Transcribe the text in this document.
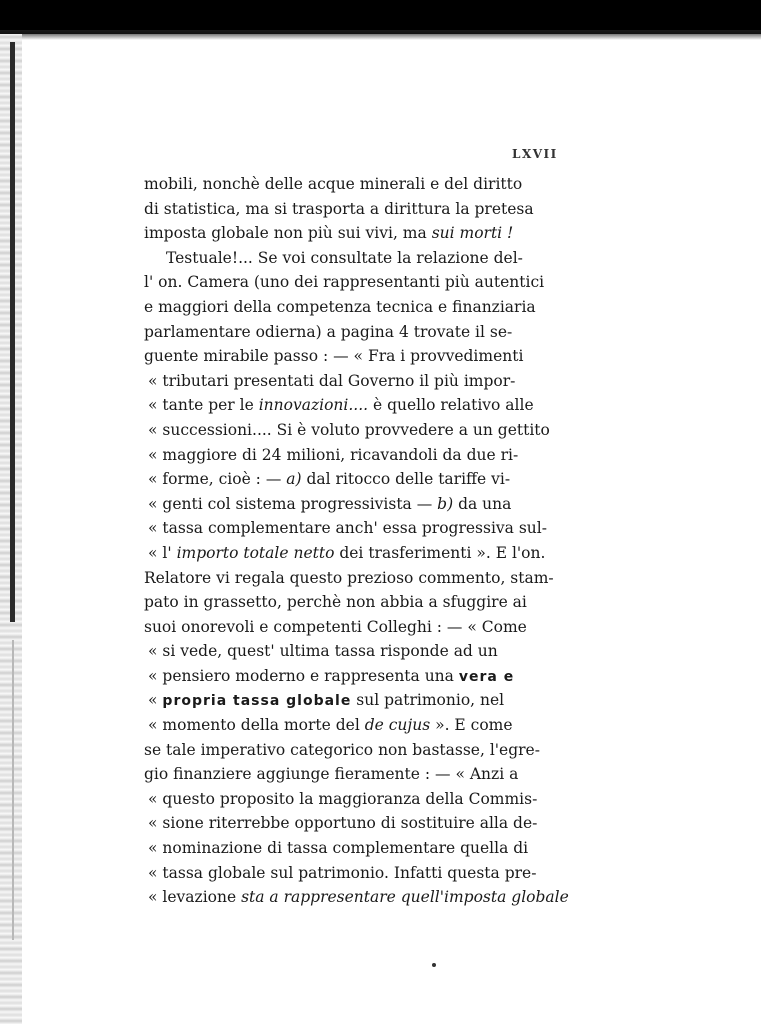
LXVII
mobili, nonchè delle acque minerali e del diritto
di statistica, ma si trasporta a dirittura la pretesa
imposta globale non più sui vivi, ma sui morti !
Testuale!... Se voi consultate la relazione del-
l' on. Camera (uno dei rappresentanti più autentici
e maggiori della competenza tecnica e finanziaria
parlamentare odierna) a pagina 4 trovate il se-
guente mirabile passo : — « Fra i provvedimenti
« tributari presentati dal Governo il più impor-
« tante per le innovazioni.... è quello relativo alle
« successioni.... Si è voluto provvedere a un gettito
« maggiore di 24 milioni, ricavandoli da due ri-
« forme, cioè : — a) dal ritocco delle tariffe vi-
« genti col sistema progressivista — b) da una
« tassa complementare anch' essa progressiva sul-
« l' importo totale netto dei trasferimenti ». E l'on.
Relatore vi regala questo prezioso commento, stam-
pato in grassetto, perchè non abbia a sfuggire ai
suoi onorevoli e competenti Colleghi : — « Come
« si vede, quest' ultima tassa risponde ad un
« pensiero moderno e rappresenta una vera e
« propria tassa globale sul patrimonio, nel
« momento della morte del de cujus ». E come
se tale imperativo categorico non bastasse, l'egre-
gio finanziere aggiunge fieramente : — « Anzi a
« questo proposito la maggioranza della Commis-
« sione riterrebbe opportuno di sostituire alla de-
« nominazione di tassa complementare quella di
« tassa globale sul patrimonio. Infatti questa pre-
« levazione sta a rappresentare quell'imposta globale
